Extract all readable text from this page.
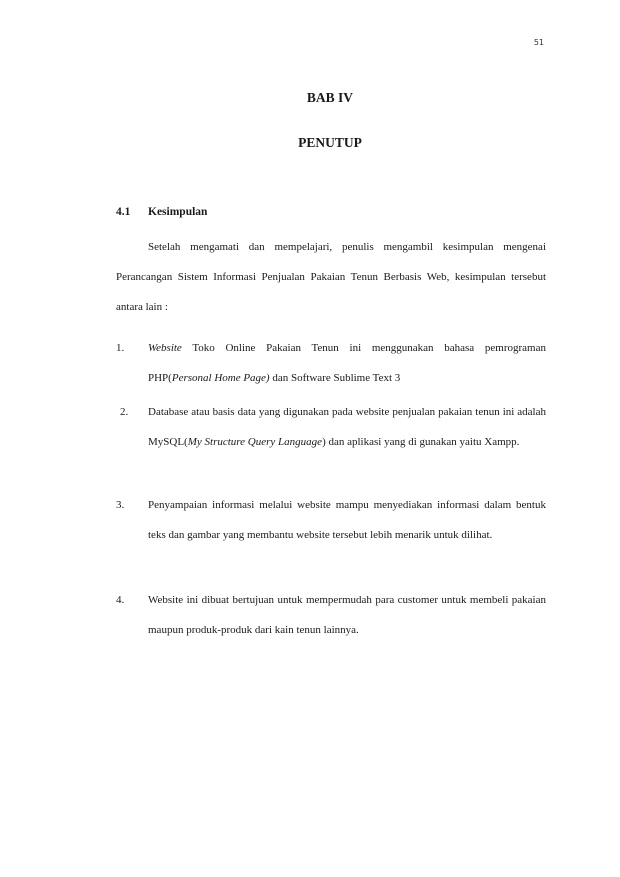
51
BAB IV
PENUTUP
4.1 Kesimpulan
Setelah mengamati dan mempelajari, penulis mengambil kesimpulan mengenai Perancangan Sistem Informasi Penjualan Pakaian Tenun Berbasis Web, kesimpulan tersebut antara lain :
1.	Website Toko Online Pakaian Tenun ini menggunakan bahasa pemrograman PHP(Personal Home Page) dan Software Sublime Text 3
2.	Database atau basis data yang digunakan pada website penjualan pakaian tenun ini adalah MySQL(My Structure Query Language) dan aplikasi yang di gunakan yaitu Xampp.
3.	Penyampaian informasi melalui website mampu menyediakan informasi dalam bentuk teks dan gambar yang membantu website tersebut lebih menarik untuk dilihat.
4.	Website ini dibuat bertujuan untuk mempermudah para customer untuk membeli pakaian maupun produk-produk dari kain tenun lainnya.
